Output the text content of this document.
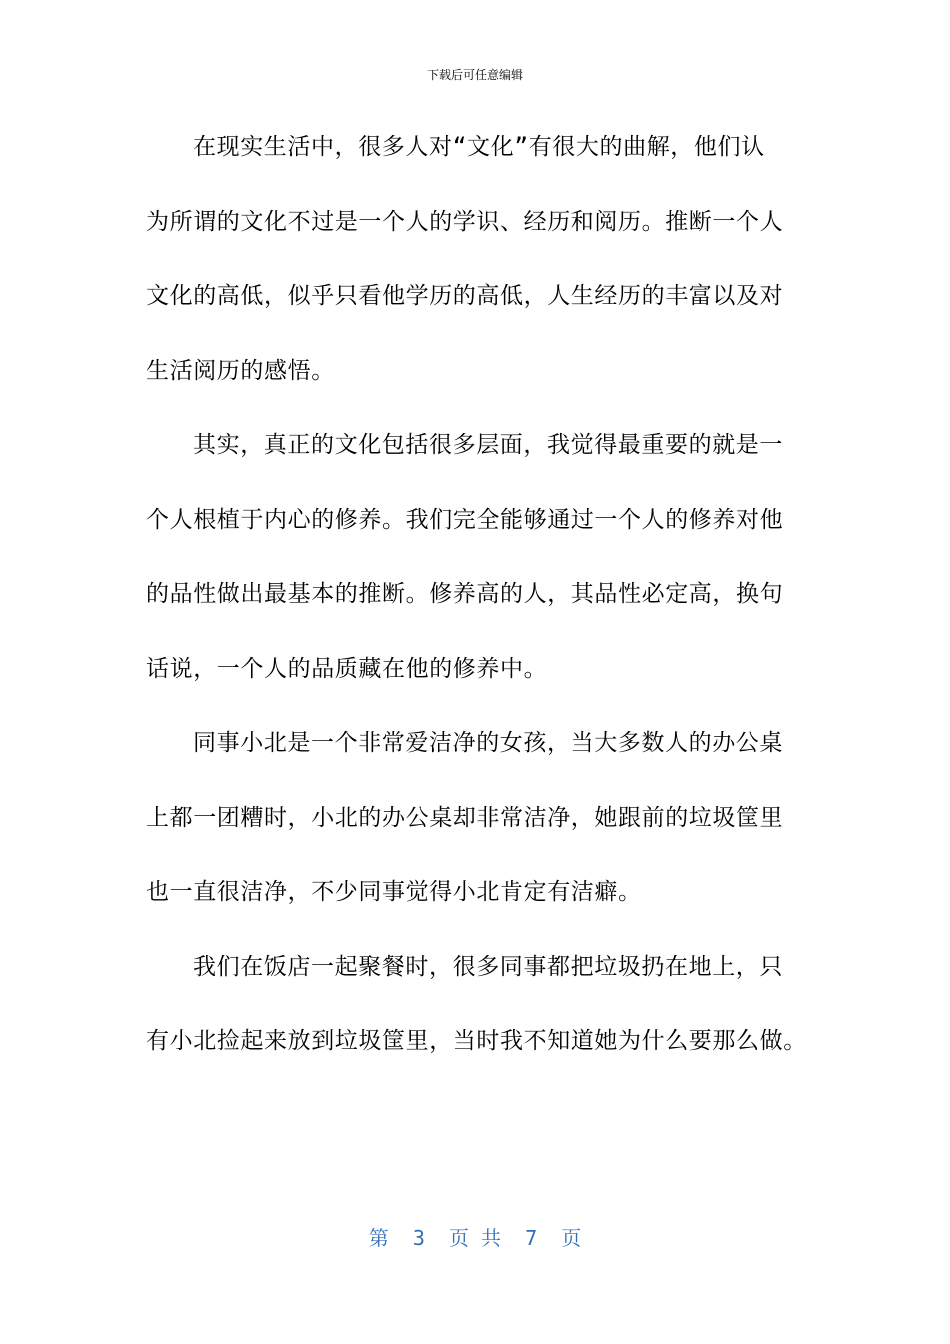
下载后可任意编辑
在现实生活中，很多人对“文化”有很大的曲解，他们认
为所谓的文化不过是一个人的学识、经历和阅历。推断一个人
文化的高低，似乎只看他学历的高低，人生经历的丰富以及对
生活阅历的感悟。
其实，真正的文化包括很多层面，我觉得最重要的就是一
个人根植于内心的修养。我们完全能够通过一个人的修养对他
的品性做出最基本的推断。修养高的人，其品性必定高，换句
话说，一个人的品质藏在他的修养中。
同事小北是一个非常爱洁净的女孩，当大多数人的办公桌
上都一团糟时，小北的办公桌却非常洁净，她跟前的垃圾筐里
也一直很洁净，不少同事觉得小北肯定有洁癖。
我们在饭店一起聚餐时，很多同事都把垃圾扔在地上，只
有小北捡起来放到垃圾筐里，当时我不知道她为什么要那么做。
第  3  页 共  7  页
